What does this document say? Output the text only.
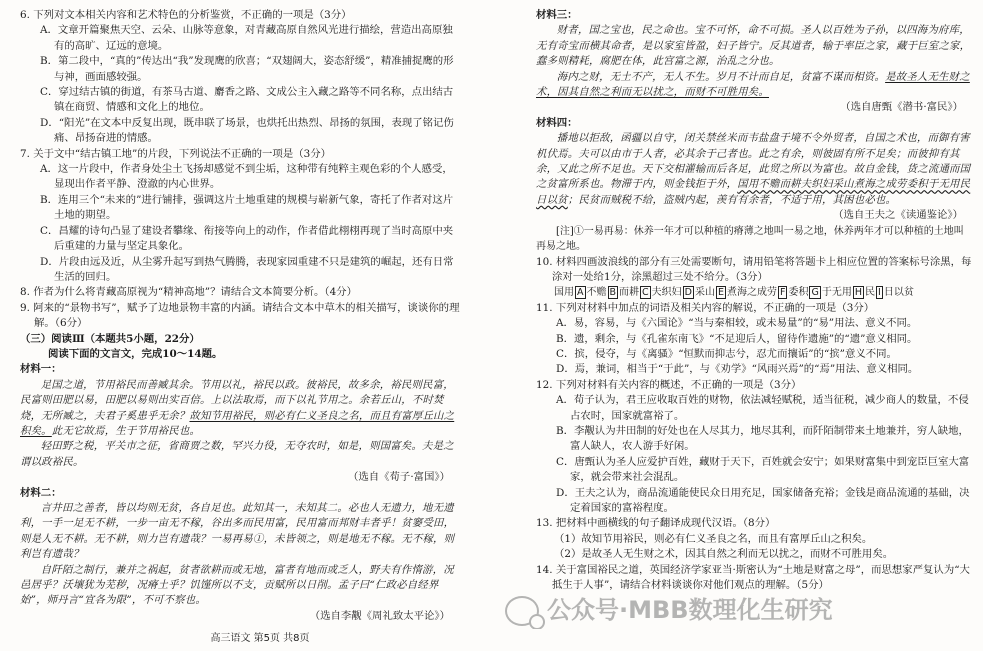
6. 下列对文本相关内容和艺术特色的分析鉴赏，不正确的一项是（3分）
A．文章开篇聚焦天空、云朵、山脉等意象，对青藏高原自然风光进行描绘，营造出高原独有的高旷、辽远的意境。
B．第二段中，“真的”传达出“我”发现鹰的欣喜；“双翅阔大，姿态舒缓”，精准捕捉鹰的形与神，画面感较强。
C．穿过结古镇的街道，有茶马古道、麝香之路、文成公主入藏之路等不同名称，点出结古镇在商贸、情感和文化上的地位。
D．“阳光”在文本中反复出现，既串联了场景，也烘托出热烈、昂扬的氛围，表现了铭记伤痛、昂扬奋进的情感。
7. 关于文中“结古镇工地”的片段，下列说法不正确的一项是（3分）
A．这一片段中，作者身处尘土飞扬却感觉不到尘垢，这种带有纯粹主观色彩的个人感受，显现出作者平静、澄澈的内心世界。
B．连用三个“未来的”进行铺排，强调这片土地重建的规模与崭新气象，寄托了作者对这片土地的期望。
C．昌耀的诗句凸显了建设者攀缘、衔接等向上的动作，作者借此栩栩再现了当时高原中夹后重建的力量与坚定具象化。
D．片段由远及近，从尘雾升起写到热气腾腾，表现家园重建不只是建筑的崛起，还有日常生活的回归。
8. 作者为什么将青藏高原视为“精神高地”？请结合文本简要分析。（4分）
9. 阿来的“景物书写”，赋予了边地景物丰富的内涵。请结合文本中草木的相关描写，谈谈你的理解。（6分）
（三）阅读Ⅲ（本题共5小题，22分）
阅读下面的文言文，完成10～14题。
材料一：
足国之道，节用裕民而善臧其余。节用以礼，裕民以政。彼裕民，故多余，裕民则民富，民富则田肥以易，田肥以易则出实百倍。上以法取焉，而下以礼节用之。余若丘山，不时焚烧，无所臧之，夫君子奚患乎无余？故知节用裕民，则必有仁义圣良之名，而且有富厚丘山之积矣。此无它故焉，生于节用裕民也。
轻田野之税，平关市之征，省商贾之数，罕兴力役，无夺农时，如是，则国富矣。夫是之谓以政裕民。
（选自《荀子·富国》）
材料二：
言井田之善者，皆以均则无贫，各自足也。此知其一，未知其二。必也人无遗力，地无遗利，一手一足无不耕，一步一亩无不稼，谷出多而民用富，民用富而邦财丰者乎！贫窭受田，则是人无不耕。无不耕，则力岂有遗哉？一易再易①，未皆领之，则是地无不稼。无不稼，则利岂有遗哉？
自阡陌之制行，兼并之祸起，贫者欲耕而或无地，富者有地而或乏人，野夫有作惰游，况邑居乎？沃壤犹为芜秽，况瘠土乎？饥馑所以不支，贡赋所以日削。孟子曰“仁政必自经界始”，师丹言“宜各为限”，不可不察也。
（选自李觏《周礼致太平论》）
材料三：
财者，国之宝也，民之命也。宝不可怀，命不可损。圣人以百姓为子孙，以四海为府库，无有奇宝而横其命者，是以家室皆盈，妇子皆宁。反其道者，输于率臣之家，藏于巨室之家，蠢多则精耗，腐肥在体，此宫富之源，治乱之分也。
海内之财，无土不产，无人不生。岁月不计而自足，贫富不谋而相资。是故圣人无生财之术，因其自然之利而无以扰之，而财不可胜用矣。
（选自唐甄《潜书·富民》）
材料四：
播地以拒敌，函疆以自守，闭关禁丝米而韦盐盘于境不令外贸者，自国之术也，而御有害机伏焉。夫可以由市于人者，必其余于己者也。此之有余，则彼固有所不足矣；而彼抑有其余，又此之所不足也。天下交相灌输而后各足，此贸之所以为富也。故自金钱，货之流通而国之贫富所系也。物滞于内，则金钱拒于外，国用不赡而耕夫织妇采山煮海之成劳委积于无用民日以贫；民贫而贼税不给，盗贼内起，羡有有余者，不适于用，其困也必也。
（选自王夫之《读通鉴论》）
[注]①一易再易：休养一年才可以种植的瘠薄之地叫一易之地，休养两年才可以种植的土地叫再易之地。
10. 材料四画波浪线的部分有三处需要断句，请用铅笔将答题卡上相应位置的答案标号涂黑，每涂对一处给1分，涂黑超过三处不给分。（3分）
国用 A 不赡 B 而耕 C 夫织妇 D 采山 E 煮海之成劳 F 委积 G 于无用 H 民 I 日以贫
11. 下列对材料中加点的词语及相关内容的解说，不正确的一项是（3分）
A．易，容易，与《六国论》“当与秦相较，或未易量”的“易”用法、意义不同。
B．遗，剩余，与《孔雀东南飞》“不足迎后人，留待作遗施”的“遗”意义相同。
C．摈，侵夺，与《离骚》“恒默而抑志兮，忍尤而攘诟”的“摈”意义不同。
D．焉，兼词，相当于“于此”，与《劝学》“风雨兴焉”的“焉”用法、意义相同。
12. 下列对材料有关内容的概述，不正确的一项是（3分）
A．荀子认为，君王应收取百姓的财物，依法减轻赋税，适当征税，减少商人的数量，不侵占农时，国家就富裕了。
B．李觏认为井田制的好处也在人尽其力，地尽其利，而阡陌制带来土地兼并，穷人缺地，富人缺人，农人游手好闲。
C．唐甄认为圣人应爱护百姓，藏财于天下，百姓就会安宁；如果财富集中到宠臣巨室大富家，就会带来社会混乱。
D．王夫之认为，商品流通能使民众日用充足，国家储备充裕；金钱是商品流通的基础，决定着国家的富裕程度。
13. 把材料中画横线的句子翻译成现代汉语。（8分）
（1）故知节用裕民，则必有仁义圣良之名，而且有富厚丘山之积矣。
（2）是故圣人无生财之术，因其自然之利而无以扰之，而财不可胜用矣。
14. 关于富国裕民之道，英国经济学家亚当·斯密认为“土地是财富之母”，而思想家严复认为“大抵生于人事”，请结合材料谈谈你对他们观点的理解。（5分）
高三语文 第5页 共8页
公众号·MBB数理化生研究
